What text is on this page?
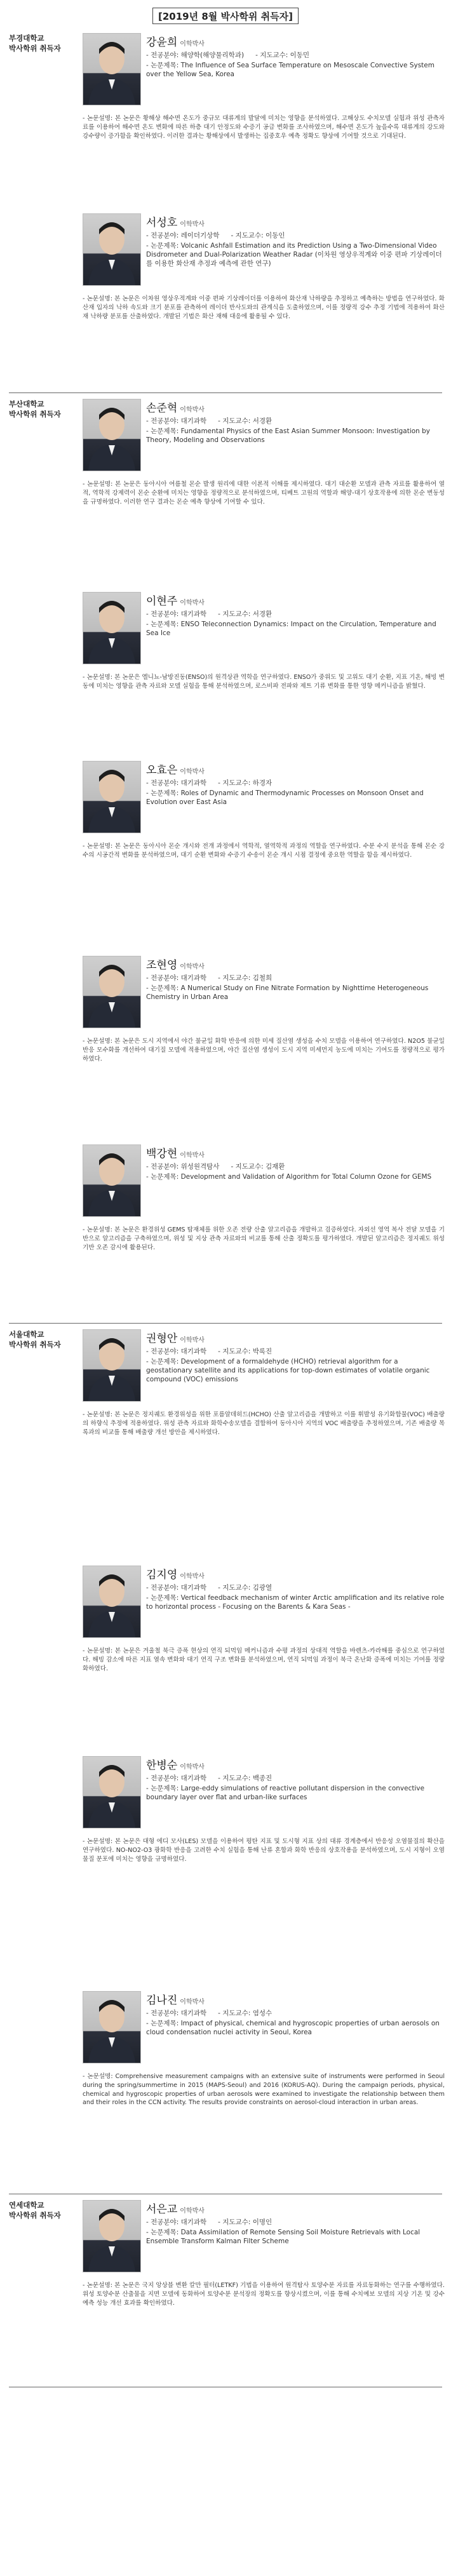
[2019년 8월 박사학위 취득자]
부경대학교
박사학위 취득자
부산대학교
박사학위 취득자
서울대학교
박사학위 취득자
연세대학교
박사학위 취득자
강윤희 이학박사
- 전공분야: 해양학(해양물리학과) - 지도교수: 이동민
- 논문제목: The Influence of Sea Surface Temperature on Mesoscale Convective System over the Yellow Sea, Korea
- 논문설명: 본 논문은 황해상 해수면 온도가 중규모 대류계의 발달에 미치는 영향을 분석하였다. 고해상도 수치모델 실험과 위성 관측자료를 이용하여 해수면 온도 변화에 따른 하층 대기 안정도와 수증기 공급 변화를 조사하였으며, 해수면 온도가 높을수록 대류계의 강도와 강수량이 증가함을 확인하였다. 이러한 결과는 황해상에서 발생하는 집중호우 예측 정확도 향상에 기여할 것으로 기대된다.
서성호 이학박사
- 전공분야: 레이더기상학 - 지도교수: 이동인
- 논문제목: Volcanic Ashfall Estimation and its Prediction Using a Two-Dimensional Video Disdrometer and Dual-Polarization Weather Radar (이차원 영상우적계와 이중 편파 기상레이더를 이용한 화산재 추정과 예측에 관한 연구)
- 논문설명: 본 논문은 이차원 영상우적계와 이중 편파 기상레이더를 이용하여 화산재 낙하량을 추정하고 예측하는 방법을 연구하였다. 화산재 입자의 낙하 속도와 크기 분포를 관측하여 레이더 반사도와의 관계식을 도출하였으며, 이를 정량적 강수 추정 기법에 적용하여 화산재 낙하량 분포를 산출하였다. 개발된 기법은 화산 재해 대응에 활용될 수 있다.
손준혁 이학박사
- 전공분야: 대기과학 - 지도교수: 서경환
- 논문제목: Fundamental Physics of the East Asian Summer Monsoon: Investigation by Theory, Modeling and Observations
- 논문설명: 본 논문은 동아시아 여름철 몬순 발생 원리에 대한 이론적 이해를 제시하였다. 대기 대순환 모델과 관측 자료를 활용하여 열적, 역학적 강제력이 몬순 순환에 미치는 영향을 정량적으로 분석하였으며, 티베트 고원의 역할과 해양-대기 상호작용에 의한 몬순 변동성을 규명하였다. 이러한 연구 결과는 몬순 예측 향상에 기여할 수 있다.
이현주 이학박사
- 전공분야: 대기과학 - 지도교수: 서경환
- 논문제목: ENSO Teleconnection Dynamics: Impact on the Circulation, Temperature and Sea Ice
- 논문설명: 본 논문은 엘니뇨-남방진동(ENSO)의 원격상관 역학을 연구하였다. ENSO가 중위도 및 고위도 대기 순환, 지표 기온, 해빙 변동에 미치는 영향을 관측 자료와 모델 실험을 통해 분석하였으며, 로스비파 전파와 제트 기류 변화를 통한 영향 메커니즘을 밝혔다.
오효은 이학박사
- 전공분야: 대기과학 - 지도교수: 하경자
- 논문제목: Roles of Dynamic and Thermodynamic Processes on Monsoon Onset and Evolution over East Asia
- 논문설명: 본 논문은 동아시아 몬순 개시와 전개 과정에서 역학적, 열역학적 과정의 역할을 연구하였다. 수분 수지 분석을 통해 몬순 강수의 시공간적 변화를 분석하였으며, 대기 순환 변화와 수증기 수송이 몬순 개시 시점 결정에 중요한 역할을 함을 제시하였다.
조현영 이학박사
- 전공분야: 대기과학 - 지도교수: 김철희
- 논문제목: A Numerical Study on Fine Nitrate Formation by Nighttime Heterogeneous Chemistry in Urban Area
- 논문설명: 본 논문은 도시 지역에서 야간 불균일 화학 반응에 의한 미세 질산염 생성을 수치 모델을 이용하여 연구하였다. N2O5 불균일 반응 모수화를 개선하여 대기질 모델에 적용하였으며, 야간 질산염 생성이 도시 지역 미세먼지 농도에 미치는 기여도를 정량적으로 평가하였다.
백강현 이학박사
- 전공분야: 위성원격탐사 - 지도교수: 김재환
- 논문제목: Development and Validation of Algorithm for Total Column Ozone for GEMS
- 논문설명: 본 논문은 환경위성 GEMS 탑재체를 위한 오존 전량 산출 알고리즘을 개발하고 검증하였다. 자외선 영역 복사 전달 모델을 기반으로 알고리즘을 구축하였으며, 위성 및 지상 관측 자료와의 비교를 통해 산출 정확도를 평가하였다. 개발된 알고리즘은 정지궤도 위성 기반 오존 감시에 활용된다.
권형안 이학박사
- 전공분야: 대기과학 - 지도교수: 박록진
- 논문제목: Development of a formaldehyde (HCHO) retrieval algorithm for a geostationary satellite and its applications for top-down estimates of volatile organic compound (VOC) emissions
- 논문설명: 본 논문은 정지궤도 환경위성을 위한 포름알데히드(HCHO) 산출 알고리즘을 개발하고 이를 휘발성 유기화합물(VOC) 배출량의 하향식 추정에 적용하였다. 위성 관측 자료와 화학수송모델을 결합하여 동아시아 지역의 VOC 배출량을 추정하였으며, 기존 배출량 목록과의 비교를 통해 배출량 개선 방안을 제시하였다.
김지영 이학박사
- 전공분야: 대기과학 - 지도교수: 김광열
- 논문제목: Vertical feedback mechanism of winter Arctic amplification and its relative role to horizontal process - Focusing on the Barents & Kara Seas -
- 논문설명: 본 논문은 겨울철 북극 증폭 현상의 연직 되먹임 메커니즘과 수평 과정의 상대적 역할을 바렌츠-카라해를 중심으로 연구하였다. 해빙 감소에 따른 지표 열속 변화와 대기 연직 구조 변화를 분석하였으며, 연직 되먹임 과정이 북극 온난화 증폭에 미치는 기여를 정량화하였다.
한병순 이학박사
- 전공분야: 대기과학 - 지도교수: 백종진
- 논문제목: Large-eddy simulations of reactive pollutant dispersion in the convective boundary layer over flat and urban-like surfaces
- 논문설명: 본 논문은 대형 에디 모사(LES) 모델을 이용하여 평탄 지표 및 도시형 지표 상의 대류 경계층에서 반응성 오염물질의 확산을 연구하였다. NO-NO2-O3 광화학 반응을 고려한 수치 실험을 통해 난류 혼합과 화학 반응의 상호작용을 분석하였으며, 도시 지형이 오염물질 분포에 미치는 영향을 규명하였다.
김나진 이학박사
- 전공분야: 대기과학 - 지도교수: 염성수
- 논문제목: Impact of physical, chemical and hygroscopic properties of urban aerosols on cloud condensation nuclei activity in Seoul, Korea
- 논문설명: Comprehensive measurement campaigns with an extensive suite of instruments were performed in Seoul during the spring/summertime in 2015 (MAPS-Seoul) and 2016 (KORUS-AQ). During the campaign periods, physical, chemical and hygroscopic properties of urban aerosols were examined to investigate the relationship between them and their roles in the CCN activity. The results provide constraints on aerosol-cloud interaction in urban areas.
서은교 이학박사
- 전공분야: 대기과학 - 지도교수: 이명인
- 논문제목: Data Assimilation of Remote Sensing Soil Moisture Retrievals with Local Ensemble Transform Kalman Filter Scheme
- 논문설명: 본 논문은 국지 앙상블 변환 칼만 필터(LETKF) 기법을 이용하여 원격탐사 토양수분 자료를 자료동화하는 연구를 수행하였다. 위성 토양수분 산출물을 지면 모델에 동화하여 토양수분 분석장의 정확도를 향상시켰으며, 이를 통해 수치예보 모델의 지상 기온 및 강수 예측 성능 개선 효과를 확인하였다.
